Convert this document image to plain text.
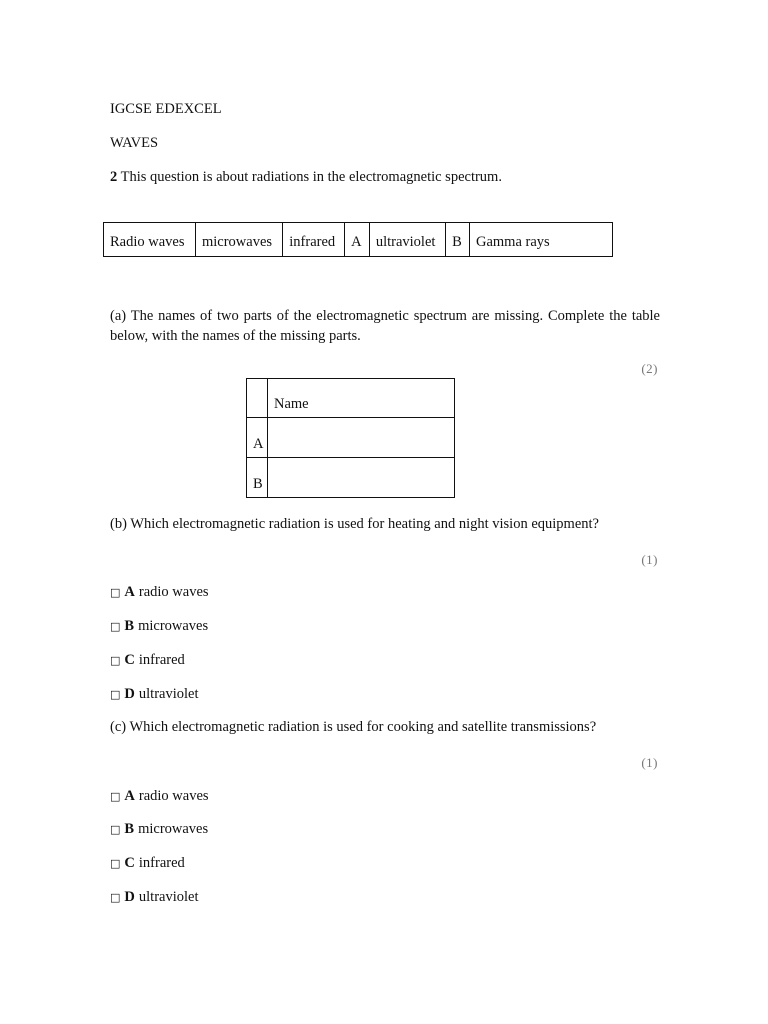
IGCSE EDEXCEL
WAVES
2 This question is about radiations in the electromagnetic spectrum.
Radio waves	microwaves	infrared	A	ultraviolet	B	Gamma rays
(a) The names of two parts of the electromagnetic spectrum are missing. Complete the table below, with the names of the missing parts.
(2)
	Name
A	
B	
(b) Which electromagnetic radiation is used for heating and night vision equipment?
(1)
□ A radio waves
□ B microwaves
□ C infrared
□ D ultraviolet
(c) Which electromagnetic radiation is used for cooking and satellite transmissions?
(1)
□ A radio waves
□ B microwaves
□ C infrared
□ D ultraviolet
